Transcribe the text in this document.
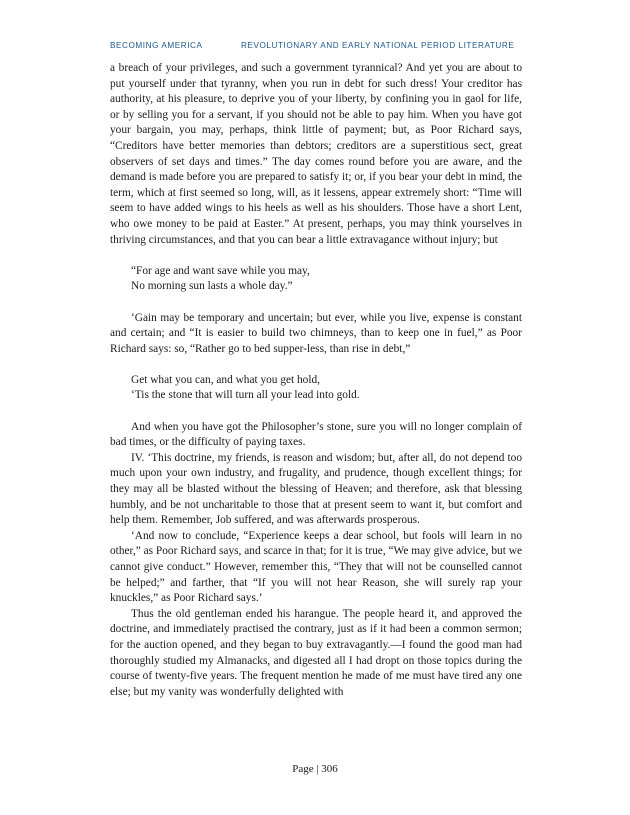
BECOMING AMERICA	REVOLUTIONARY AND EARLY NATIONAL PERIOD LITERATURE

a breach of your privileges, and such a government tyrannical? And yet you are about to put yourself under that tyranny, when you run in debt for such dress! Your creditor has authority, at his pleasure, to deprive you of your liberty, by confining you in gaol for life, or by selling you for a servant, if you should not be able to pay him. When you have got your bargain, you may, perhaps, think little of payment; but, as Poor Richard says, “Creditors have better memories than debtors; creditors are a superstitious sect, great observers of set days and times.” The day comes round before you are aware, and the demand is made before you are prepared to satisfy it; or, if you bear your debt in mind, the term, which at first seemed so long, will, as it lessens, appear extremely short: “Time will seem to have added wings to his heels as well as his shoulders. Those have a short Lent, who owe money to be paid at Easter.” At present, perhaps, you may think yourselves in thriving circumstances, and that you can bear a little extravagance without injury; but

“For age and want save while you may,
No morning sun lasts a whole day.”

‘Gain may be temporary and uncertain; but ever, while you live, expense is constant and certain; and “It is easier to build two chimneys, than to keep one in fuel,” as Poor Richard says: so, “Rather go to bed supper-less, than rise in debt,”

Get what you can, and what you get hold,
‘Tis the stone that will turn all your lead into gold.

And when you have got the Philosopher’s stone, sure you will no longer complain of bad times, or the difficulty of paying taxes.

IV. ‘This doctrine, my friends, is reason and wisdom; but, after all, do not depend too much upon your own industry, and frugality, and prudence, though excellent things; for they may all be blasted without the blessing of Heaven; and therefore, ask that blessing humbly, and be not uncharitable to those that at present seem to want it, but comfort and help them. Remember, Job suffered, and was afterwards prosperous.

‘And now to conclude, “Experience keeps a dear school, but fools will learn in no other,” as Poor Richard says, and scarce in that; for it is true, “We may give advice, but we cannot give conduct.” However, remember this, “They that will not be counselled cannot be helped;” and farther, that “If you will not hear Reason, she will surely rap your knuckles,” as Poor Richard says.’

Thus the old gentleman ended his harangue. The people heard it, and approved the doctrine, and immediately practised the contrary, just as if it had been a common sermon; for the auction opened, and they began to buy extravagantly.—I found the good man had thoroughly studied my Almanacks, and digested all I had dropt on those topics during the course of twenty-five years. The frequent mention he made of me must have tired any one else; but my vanity was wonderfully delighted with

Page | 306
